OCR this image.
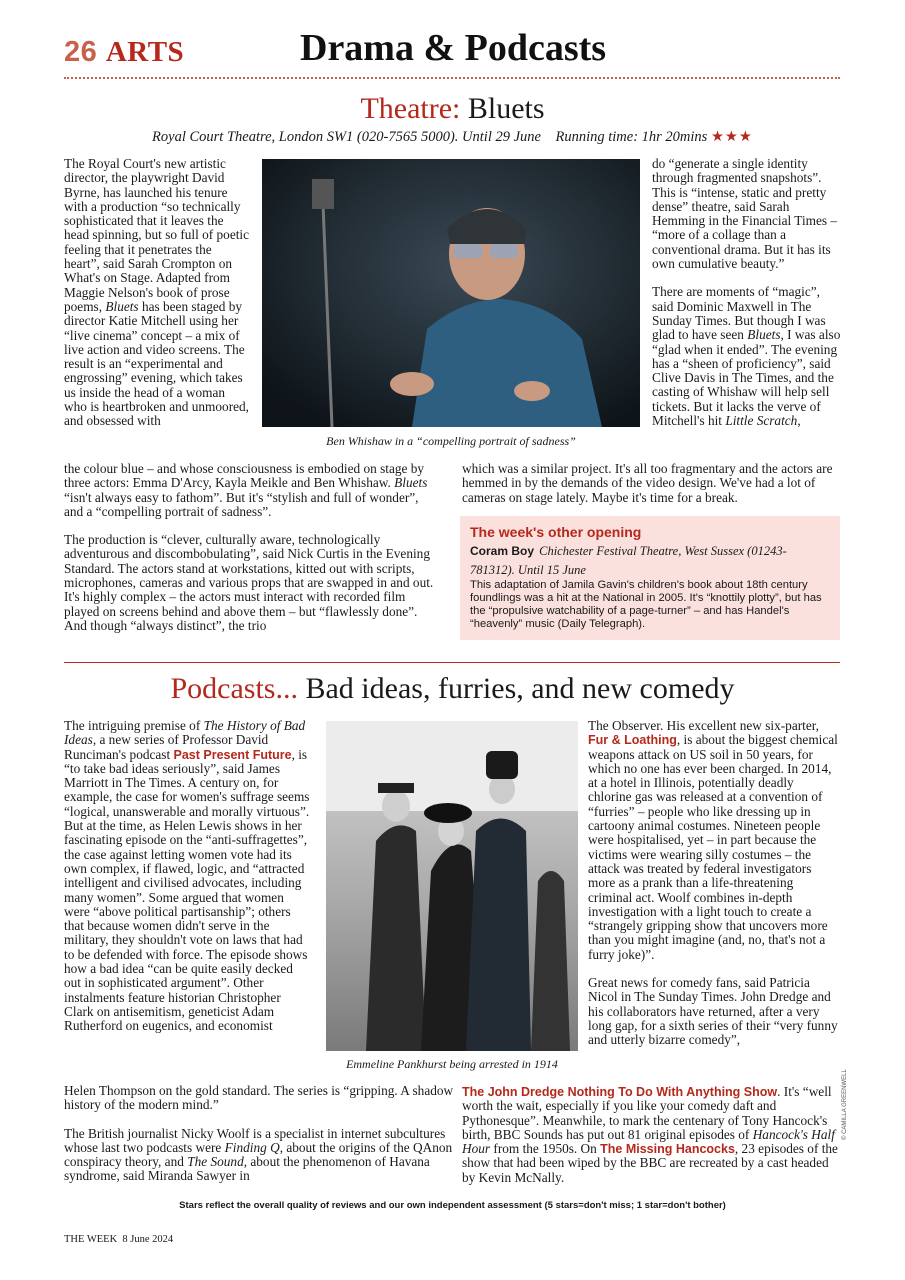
26 ARTS	Drama & Podcasts
Theatre: Bluets
Royal Court Theatre, London SW1 (020-7565 5000). Until 29 June    Running time: 1hr 20mins ★★★

The Royal Court's new artistic director, the playwright David Byrne, has launched his tenure with a production “so technically sophisticated that it leaves the head spinning, but so full of poetic feeling that it penetrates the heart”, said Sarah Crompton on What's on Stage. Adapted from Maggie Nelson's book of prose poems, Bluets has been staged by director Katie Mitchell using her “live cinema” concept – a mix of live action and video screens. The result is an “experimental and engrossing” evening, which takes us inside the head of a woman who is heartbroken and unmoored, and obsessed with

Ben Whishaw in a “compelling portrait of sadness”

do “generate a single identity through fragmented snapshots”. This is “intense, static and pretty dense” theatre, said Sarah Hemming in the Financial Times – “more of a collage than a conventional drama. But it has its own cumulative beauty.”

There are moments of “magic”, said Dominic Maxwell in The Sunday Times. But though I was glad to have seen Bluets, I was also “glad when it ended”. The evening has a “sheen of proficiency”, said Clive Davis in The Times, and the casting of Whishaw will help sell tickets. But it lacks the verve of Mitchell's hit Little Scratch,

the colour blue – and whose consciousness is embodied on stage by three actors: Emma D'Arcy, Kayla Meikle and Ben Whishaw. Bluets “isn't always easy to fathom”. But it's “stylish and full of wonder”, and a “compelling portrait of sadness”.

The production is “clever, culturally aware, technologically adventurous and discombobulating”, said Nick Curtis in the Evening Standard. The actors stand at workstations, kitted out with scripts, microphones, cameras and various props that are swapped in and out. It's highly complex – the actors must interact with recorded film played on screens behind and above them – but “flawlessly done”. And though “always distinct”, the trio

which was a similar project. It's all too fragmentary and the actors are hemmed in by the demands of the video design. We've had a lot of cameras on stage lately. Maybe it's time for a break.

The week's other opening
Coram Boy Chichester Festival Theatre, West Sussex (01243-781312). Until 15 June
This adaptation of Jamila Gavin's children's book about 18th century foundlings was a hit at the National in 2005. It's “knottily plotty”, but has the “propulsive watchability of a page-turner” – and has Handel's “heavenly” music (Daily Telegraph).
Podcasts... Bad ideas, furries, and new comedy

The intriguing premise of The History of Bad Ideas, a new series of Professor David Runciman's podcast Past Present Future, is “to take bad ideas seriously”, said James Marriott in The Times. A century on, for example, the case for women's suffrage seems “logical, unanswerable and morally virtuous”. But at the time, as Helen Lewis shows in her fascinating episode on the “anti-suffragettes”, the case against letting women vote had its own complex, if flawed, logic, and “attracted intelligent and civilised advocates, including many women”. Some argued that women were “above political partisanship”; others that because women didn't serve in the military, they shouldn't vote on laws that had to be defended with force. The episode shows how a bad idea “can be quite easily decked out in sophisticated argument”. Other instalments feature historian Christopher Clark on antisemitism, geneticist Adam Rutherford on eugenics, and economist

Emmeline Pankhurst being arrested in 1914

The Observer. His excellent new six-parter, Fur & Loathing, is about the biggest chemical weapons attack on US soil in 50 years, for which no one has ever been charged. In 2014, at a hotel in Illinois, potentially deadly chlorine gas was released at a convention of “furries” – people who like dressing up in cartoony animal costumes. Nineteen people were hospitalised, yet – in part because the victims were wearing silly costumes – the attack was treated by federal investigators more as a prank than a life-threatening criminal act. Woolf combines in-depth investigation with a light touch to create a “strangely gripping show that uncovers more than you might imagine (and, no, that's not a furry joke)”.

Great news for comedy fans, said Patricia Nicol in The Sunday Times. John Dredge and his collaborators have returned, after a very long gap, for a sixth series of their “very funny and utterly bizarre comedy”,

Helen Thompson on the gold standard. The series is “gripping. A shadow history of the modern mind.”

The British journalist Nicky Woolf is a specialist in internet subcultures whose last two podcasts were Finding Q, about the origins of the QAnon conspiracy theory, and The Sound, about the phenomenon of Havana syndrome, said Miranda Sawyer in

The John Dredge Nothing To Do With Anything Show. It's “well worth the wait, especially if you like your comedy daft and Pythonesque”. Meanwhile, to mark the centenary of Tony Hancock's birth, BBC Sounds has put out 81 original episodes of Hancock's Half Hour from the 1950s. On The Missing Hancocks, 23 episodes of the show that had been wiped by the BBC are recreated by a cast headed by Kevin McNally.

© CAMILLA GREENWELL
Stars reflect the overall quality of reviews and our own independent assessment (5 stars=don't miss; 1 star=don't bother)
THE WEEK  8 June 2024
